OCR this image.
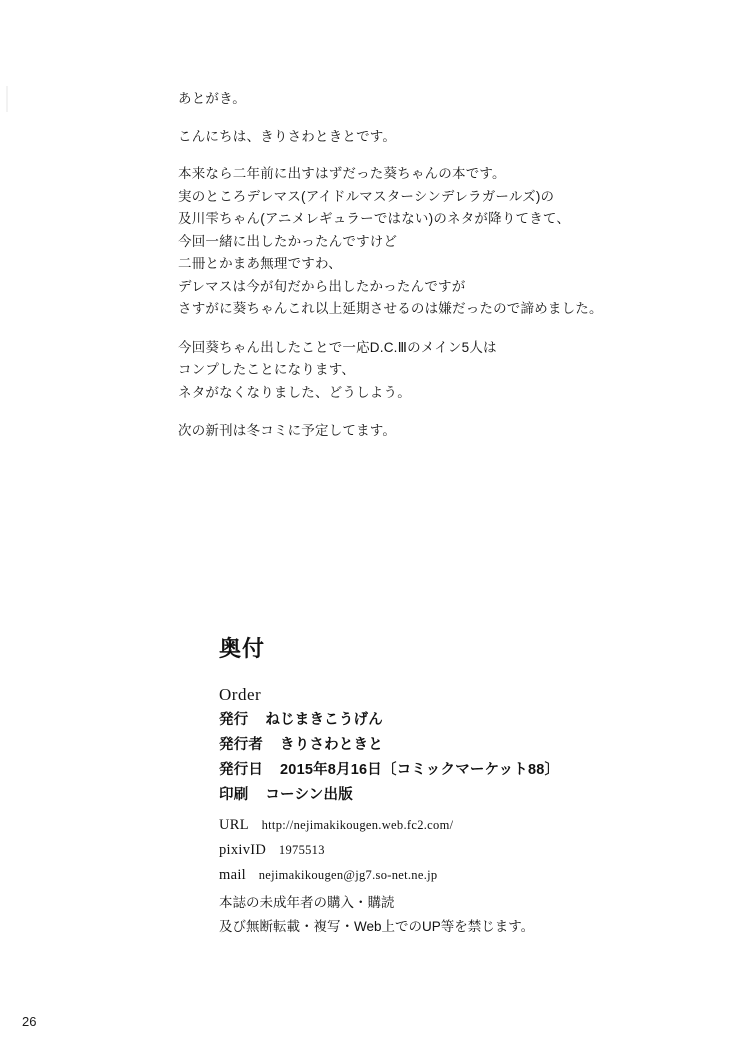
あとがき。
こんにちは、きりさわときとです。
本来なら二年前に出すはずだった葵ちゃんの本です。
実のところデレマス(アイドルマスターシンデレラガールズ)の
及川雫ちゃん(アニメレギュラーではない)のネタが降りてきて、
今回一緒に出したかったんですけど
二冊とかまあ無理ですわ、
デレマスは今が旬だから出したかったんですが
さすがに葵ちゃんこれ以上延期させるのは嫌だったので諦めました。
今回葵ちゃん出したことで一応D.C.Ⅲのメイン5人は
コンプしたことになります、
ネタがなくなりました、どうしよう。
次の新刊は冬コミに予定してます。
奥付
Order
発行 ねじまきこうげん
発行者 きりさわときと
発行日 2015年8月16日〔コミックマーケット88〕
印刷 コーシン出版
URL http://nejimakikougen.web.fc2.com/
pixivID 1975513
mail nejimakikougen@jg7.so-net.ne.jp
本誌の未成年者の購入・購読
及び無断転載・複写・Web上でのUP等を禁じます。
26
